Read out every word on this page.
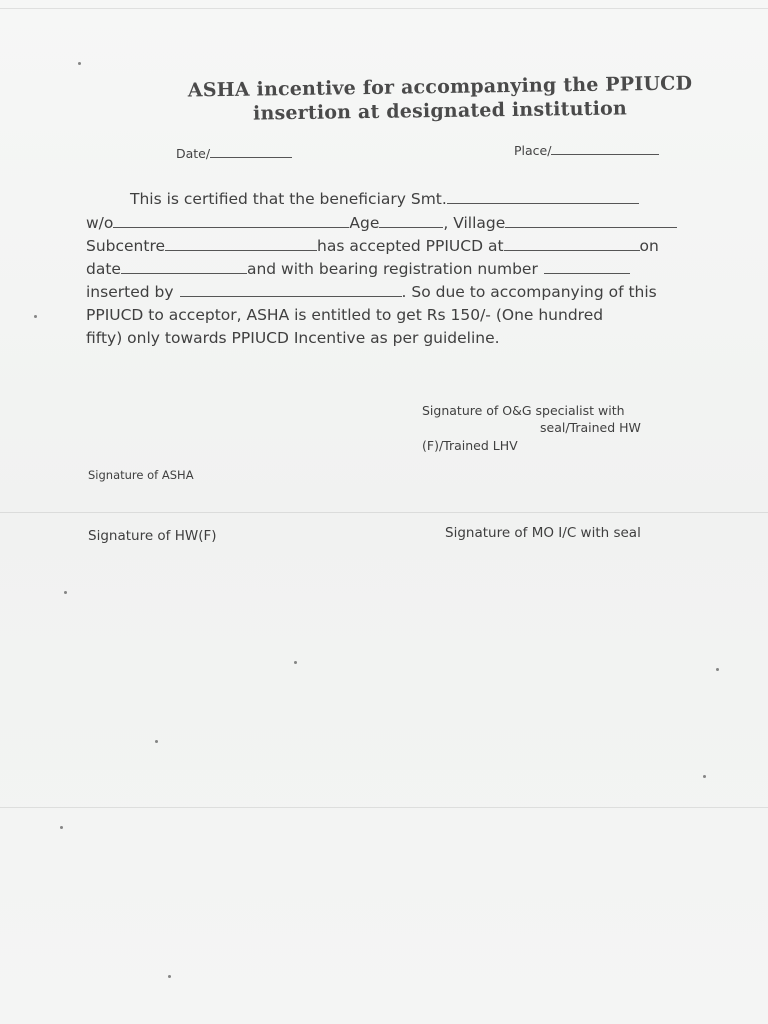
ASHA incentive for accompanying the PPIUCD
insertion at designated institution
Date/	Place/
This is certified that the beneficiary Smt.
w/o	Age	, Village
Subcentre	has accepted PPIUCD at	on
date	and with bearing registration number
inserted by	. So due to accompanying of this
PPIUCD to acceptor, ASHA is entitled to get Rs 150/- (One hundred
fifty) only towards PPIUCD Incentive as per guideline.
Signature of O&G specialist with
seal/Trained HW
(F)/Trained LHV
Signature of ASHA
Signature of HW(F)	Signature of MO I/C with seal
